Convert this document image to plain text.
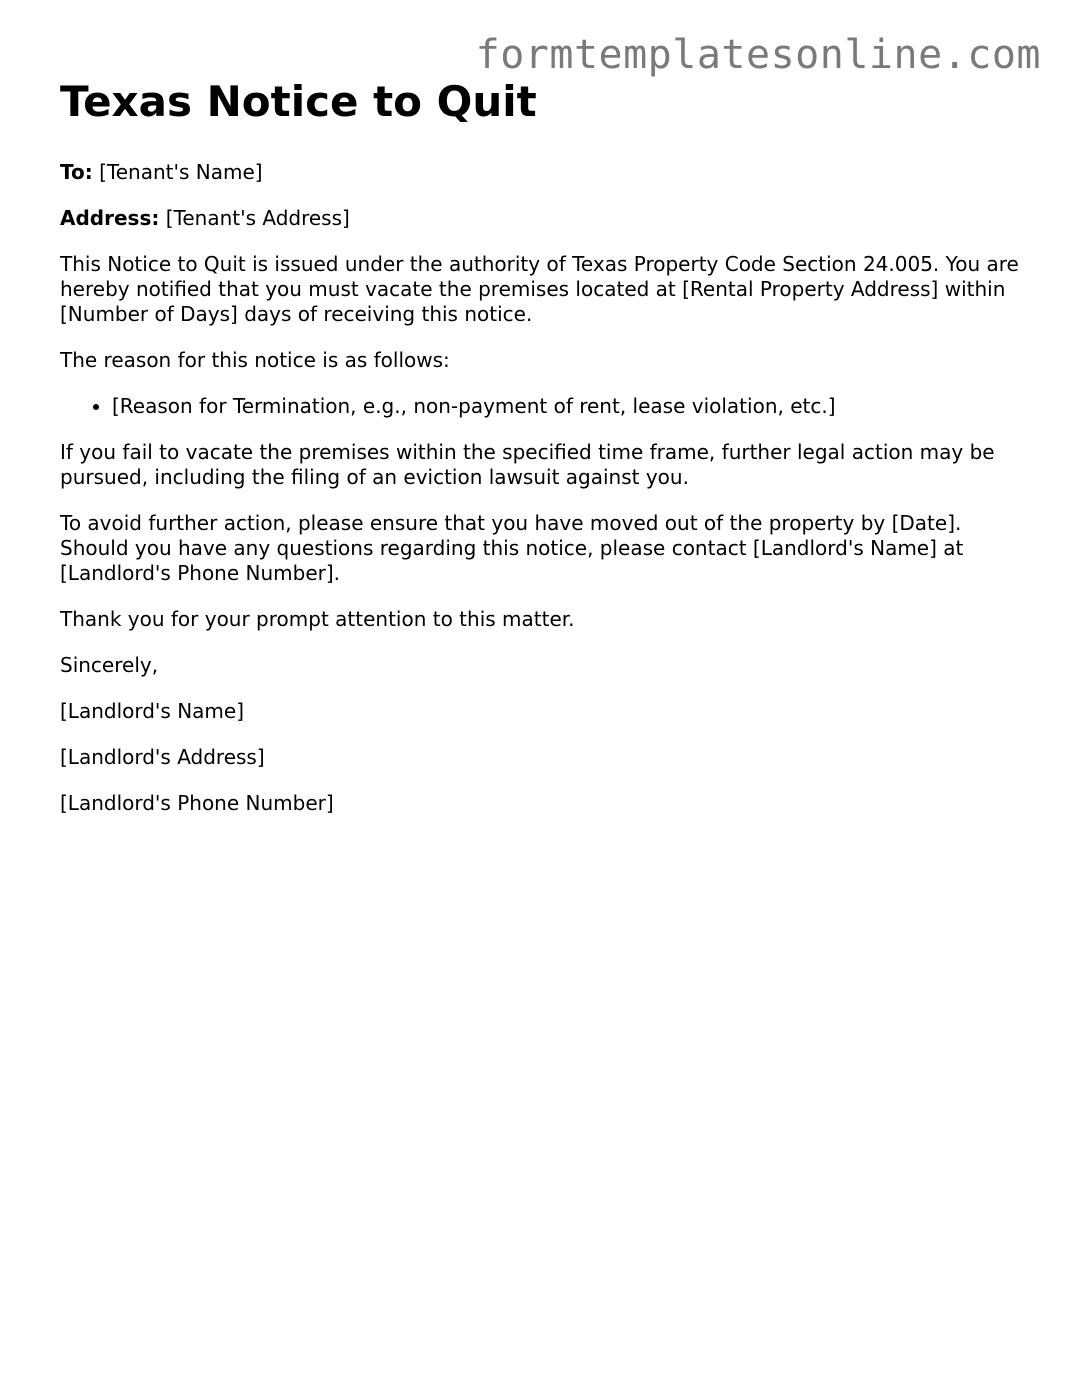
formtemplatesonline.com
Texas Notice to Quit

To: [Tenant's Name]

Address: [Tenant's Address]

This Notice to Quit is issued under the authority of Texas Property Code Section 24.005. You are hereby notified that you must vacate the premises located at [Rental Property Address] within [Number of Days] days of receiving this notice.

The reason for this notice is as follows:

• [Reason for Termination, e.g., non-payment of rent, lease violation, etc.]

If you fail to vacate the premises within the specified time frame, further legal action may be pursued, including the filing of an eviction lawsuit against you.

To avoid further action, please ensure that you have moved out of the property by [Date]. Should you have any questions regarding this notice, please contact [Landlord's Name] at [Landlord's Phone Number].

Thank you for your prompt attention to this matter.

Sincerely,

[Landlord's Name]

[Landlord's Address]

[Landlord's Phone Number]
